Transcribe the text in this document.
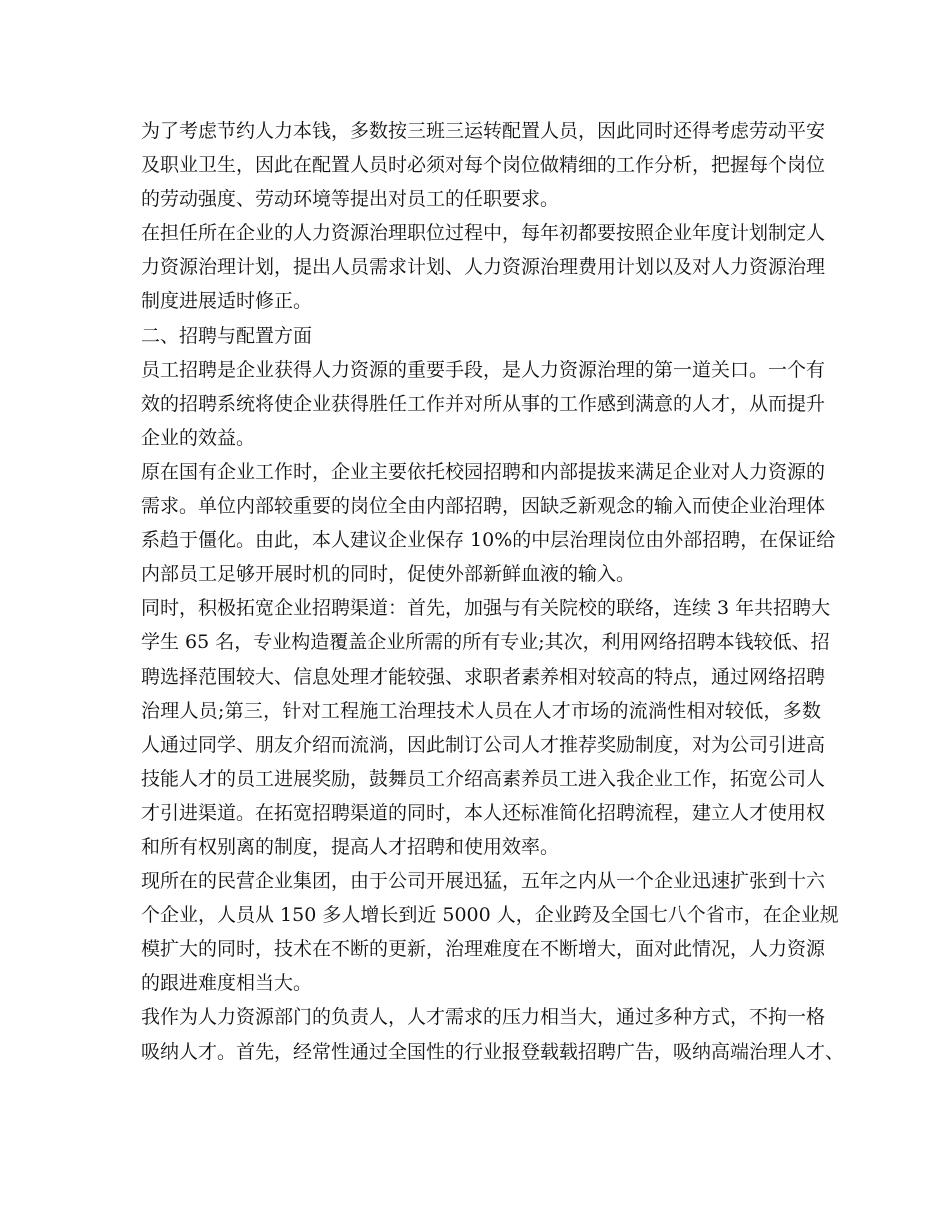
为了考虑节约人力本钱，多数按三班三运转配置人员，因此同时还得考虑劳动平安
及职业卫生，因此在配置人员时必须对每个岗位做精细的工作分析，把握每个岗位
的劳动强度、劳动环境等提出对员工的任职要求。
在担任所在企业的人力资源治理职位过程中，每年初都要按照企业年度计划制定人
力资源治理计划，提出人员需求计划、人力资源治理费用计划以及对人力资源治理
制度进展适时修正。
二、招聘与配置方面
员工招聘是企业获得人力资源的重要手段，是人力资源治理的第一道关口。一个有
效的招聘系统将使企业获得胜任工作并对所从事的工作感到满意的人才，从而提升
企业的效益。
原在国有企业工作时，企业主要依托校园招聘和内部提拔来满足企业对人力资源的
需求。单位内部较重要的岗位全由内部招聘，因缺乏新观念的输入而使企业治理体
系趋于僵化。由此，本人建议企业保存 10%的中层治理岗位由外部招聘，在保证给
内部员工足够开展时机的同时，促使外部新鲜血液的输入。
同时，积极拓宽企业招聘渠道：首先，加强与有关院校的联络，连续 3 年共招聘大
学生 65 名，专业构造覆盖企业所需的所有专业;其次，利用网络招聘本钱较低、招
聘选择范围较大、信息处理才能较强、求职者素养相对较高的特点，通过网络招聘
治理人员;第三，针对工程施工治理技术人员在人才市场的流淌性相对较低，多数
人通过同学、朋友介绍而流淌，因此制订公司人才推荐奖励制度，对为公司引进高
技能人才的员工进展奖励，鼓舞员工介绍高素养员工进入我企业工作，拓宽公司人
才引进渠道。在拓宽招聘渠道的同时，本人还标准简化招聘流程，建立人才使用权
和所有权别离的制度，提高人才招聘和使用效率。
现所在的民营企业集团，由于公司开展迅猛，五年之内从一个企业迅速扩张到十六
个企业，人员从 150 多人增长到近 5000 人，企业跨及全国七八个省市，在企业规
模扩大的同时，技术在不断的更新，治理难度在不断增大，面对此情况，人力资源
的跟进难度相当大。
我作为人力资源部门的负责人，人才需求的压力相当大，通过多种方式，不拘一格
吸纳人才。首先，经常性通过全国性的行业报登载载招聘广告，吸纳高端治理人才、
